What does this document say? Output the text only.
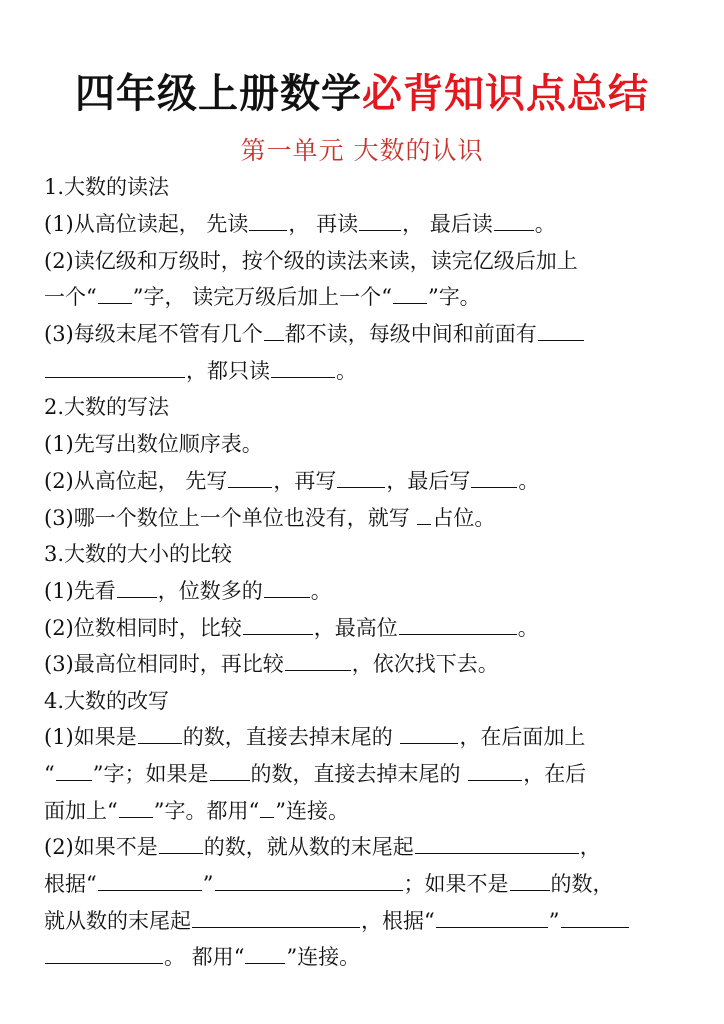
四年级上册数学必背知识点总结
第一单元 大数的认识
1.大数的读法
(1)从高位读起， 先读 ， 再读 ， 最后读 。
(2)读亿级和万级时，按个级的读法来读，读完亿级后加上
一个“ ”字， 读完万级后加上一个“ ”字。
(3)每级末尾不管有几个 都不读，每级中间和前面有
，都只读	。
2.大数的写法
(1)先写出数位顺序表。
(2)从高位起， 先写 ，再写 ，最后写 。
(3)哪一个数位上一个单位也没有，就写 占位。
3.大数的大小的比较
(1)先看 ，位数多的 。
(2)位数相同时，比较	，最高位	。
(3)最高位相同时，再比较	，依次找下去。
4.大数的改写
(1)如果是 的数，直接去掉末尾的	，在后面加上
“ ”字；如果是 的数，直接去掉末尾的	，在后
面加上“ ”字。都用“ ”连接。
(2)如果不是 的数，就从数的末尾起	，
根据“	”	；如果不是 的数，
就从数的末尾起	，根据“	”
。 都用“ ”连接。
